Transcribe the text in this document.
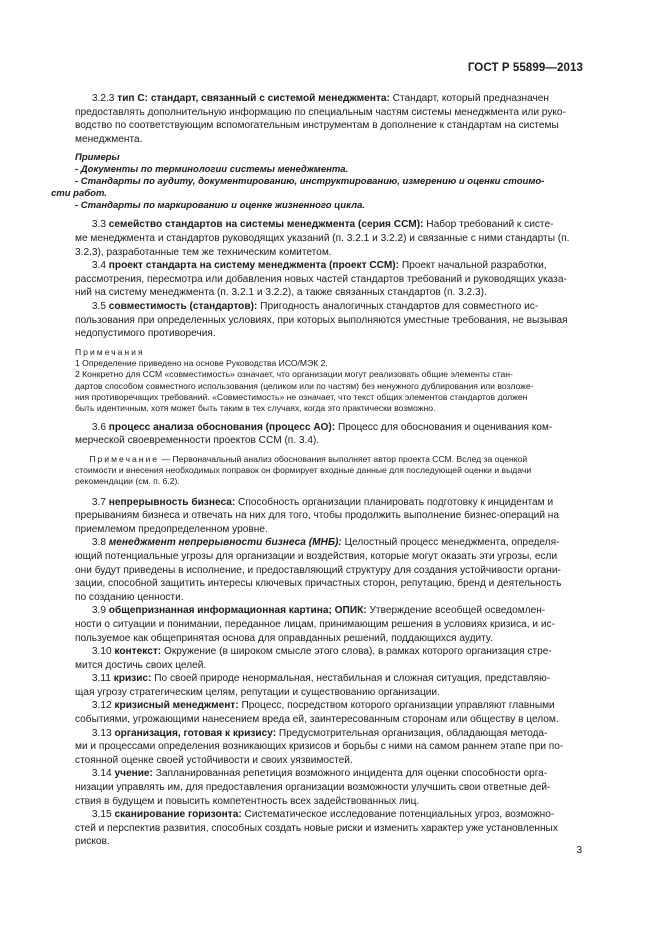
ГОСТ Р 55899—2013

3.2.3 тип С: стандарт, связанный с системой менеджмента: Стандарт, который предназначен

предоставлять дополнительную информацию по специальным частям системы менеджмента или руко-

водство по соответствующим вспомогательным инструментам в дополнение к стандартам на системы

менеджмента.

Примеры

- Документы по терминологии системы менеджмента.

- Стандарты по аудиту, документированию, инструктированию, измерению и оценки стоимо-

сти работ.

- Стандарты по маркированию и оценке жизненного цикла.

3.3 семейство стандартов на системы менеджмента (серия ССМ): Набор требований к систе-

ме менеджмента и стандартов руководящих указаний (п. 3.2.1 и 3.2.2) и связанные с ними стандарты (п.

3.2.3), разработанные тем же техническим комитетом.

3.4 проект стандарта на систему менеджмента (проект ССМ): Проект начальной разработки,

рассмотрения, пересмотра или добавления новых частей стандартов требований и руководящих указа-

ний на систему менеджмента (п. 3.2.1 и 3.2.2), а также связанных стандартов (п. 3.2.3).

3.5 совместимость (стандартов): Пригодность аналогичных стандартов для совместного ис-

пользования при определенных условиях, при которых выполняются уместные требования, не вызывая

недопустимого противоречия.

Примечания

1 Определение приведено на основе Руководства ИСО/МЭК 2.

2 Конкретно для ССМ «совместимость» означает, что организации могут реализовать общие элементы стан-

дартов способом совместного использования (целиком или по частям) без ненужного дублирования или возложе-

ния противоречащих требований. «Совместимость» не означает, что текст общих элементов стандартов должен

быть идентичным, хотя может быть таким в тех случаях, когда это практически возможно.

3.6 процесс анализа обоснования (процесс АО): Процесс для обоснования и оценивания ком-

мерческой своевременности проектов ССМ (п. 3.4).

Примечание — Первоначальный анализ обоснования выполняет автор проекта ССМ. Вслед за оценкой

стоимости и внесения необходимых поправок он формирует входные данные для последующей оценки и выдачи

рекомендации (см. п. 6.2).

3.7 непрерывность бизнеса: Способность организации планировать подготовку к инцидентам и

прерываниям бизнеса и отвечать на них для того, чтобы продолжить выполнение бизнес-операций на

приемлемом предопределенном уровне.

3.8 менеджмент непрерывности бизнеса (МНБ): Целостный процесс менеджмента, определя-

ющий потенциальные угрозы для организации и воздействия, которые могут оказать эти угрозы, если

они будут приведены в исполнение, и предоставляющий структуру для создания устойчивости органи-

зации, способной защитить интересы ключевых причастных сторон, репутацию, бренд и деятельность

по созданию ценности.

3.9 общепризнанная информационная картина; ОПИК: Утверждение всеобщей осведомлен-

ности о ситуации и понимании, переданное лицам, принимающим решения в условиях кризиса, и ис-

пользуемое как общепринятая основа для оправданных решений, поддающихся аудиту.

3.10 контекст: Окружение (в широком смысле этого слова), в рамках которого организация стре-

мится достичь своих целей.

3.11 кризис: По своей природе ненормальная, нестабильная и сложная ситуация, представляю-

щая угрозу стратегическим целям, репутации и существованию организации.

3.12 кризисный менеджмент: Процесс, посредством которого организации управляют главными

событиями, угрожающими нанесением вреда ей, заинтересованным сторонам или обществу в целом.

3.13 организация, готовая к кризису: Предусмотрительная организация, обладающая метода-

ми и процессами определения возникающих кризисов и борьбы с ними на самом раннем этапе при по-

стоянной оценке своей устойчивости и своих уязвимостей.

3.14 учение: Запланированная репетиция возможного инцидента для оценки способности орга-

низации управлять им, для предоставления организации возможности улучшить свои ответные дей-

ствия в будущем и повысить компетентность всех задействованных лиц.

3.15 сканирование горизонта: Систематическое исследование потенциальных угроз, возможно-

стей и перспектив развития, способных создать новые риски и изменить характер уже установленных

рисков.

3
